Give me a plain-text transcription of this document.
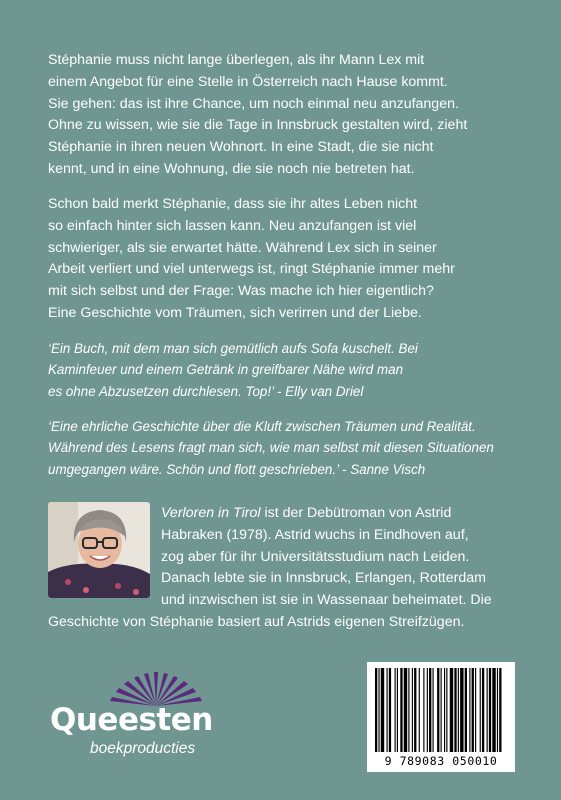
Stéphanie muss nicht lange überlegen, als ihr Mann Lex mit
einem Angebot für eine Stelle in Österreich nach Hause kommt.
Sie gehen: das ist ihre Chance, um noch einmal neu anzufangen.
Ohne zu wissen, wie sie die Tage in Innsbruck gestalten wird, zieht
Stéphanie in ihren neuen Wohnort. In eine Stadt, die sie nicht
kennt, und in eine Wohnung, die sie noch nie betreten hat.
Schon bald merkt Stéphanie, dass sie ihr altes Leben nicht
so einfach hinter sich lassen kann. Neu anzufangen ist viel
schwieriger, als sie erwartet hätte. Während Lex sich in seiner
Arbeit verliert und viel unterwegs ist, ringt Stéphanie immer mehr
mit sich selbst und der Frage: Was mache ich hier eigentlich?
Eine Geschichte vom Träumen, sich verirren und der Liebe.
‘Ein Buch, mit dem man sich gemütlich aufs Sofa kuschelt. Bei
Kaminfeuer und einem Getränk in greifbarer Nähe wird man
es ohne Abzusetzen durchlesen. Top!’ - Elly van Driel
‘Eine ehrliche Geschichte über die Kluft zwischen Träumen und Realität.
Während des Lesens fragt man sich, wie man selbst mit diesen Situationen
umgegangen wäre. Schön und flott geschrieben.’ - Sanne Visch
Verloren in Tirol ist der Debütroman von Astrid
Habraken (1978). Astrid wuchs in Eindhoven auf,
zog aber für ihr Universitätsstudium nach Leiden.
Danach lebte sie in Innsbruck, Erlangen, Rotterdam
und inzwischen ist sie in Wassenaar beheimatet. Die
Geschichte von Stéphanie basiert auf Astrids eigenen Streifzügen.
Queesten
boekproducties
9 789083 050010
